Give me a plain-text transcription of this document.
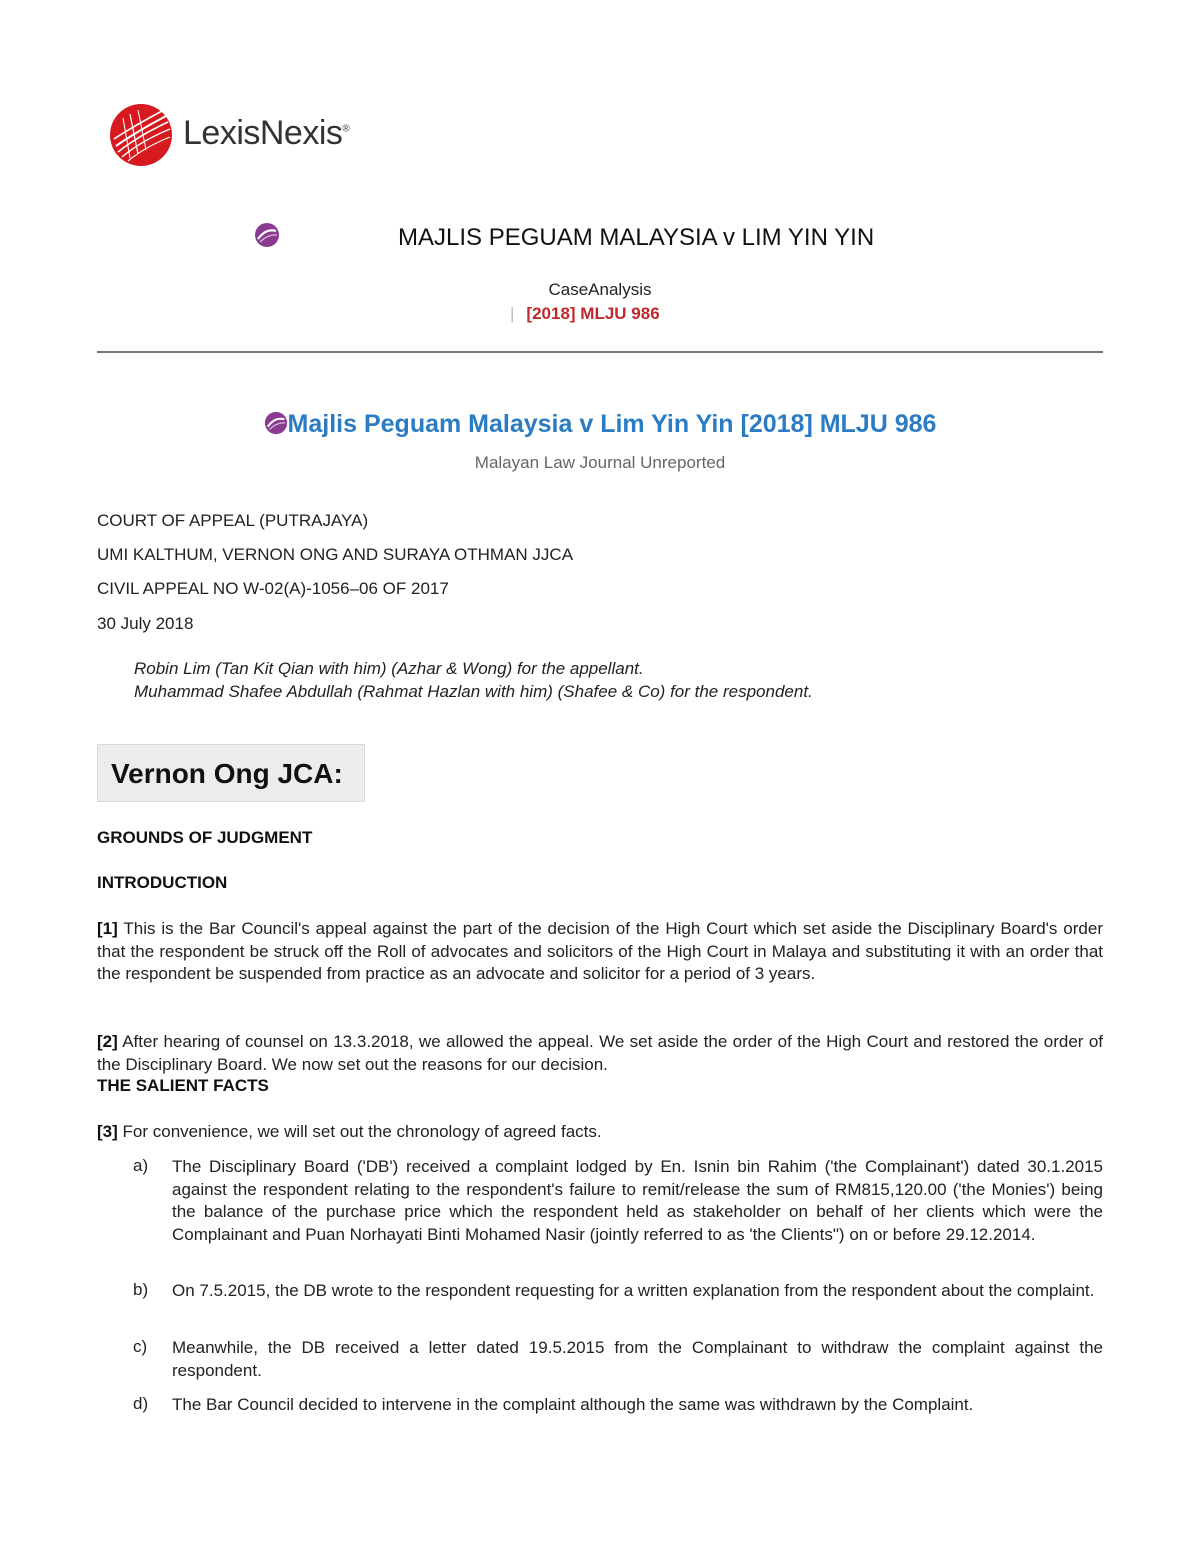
LexisNexis®
MAJLIS PEGUAM MALAYSIA v LIM YIN YIN
CaseAnalysis
| [2018] MLJU 986
Majlis Peguam Malaysia v Lim Yin Yin [2018] MLJU 986
Malayan Law Journal Unreported
COURT OF APPEAL (PUTRAJAYA)
UMI KALTHUM, VERNON ONG AND SURAYA OTHMAN JJCA
CIVIL APPEAL NO W-02(A)-1056–06 OF 2017
30 July 2018
Robin Lim (Tan Kit Qian with him) (Azhar & Wong) for the appellant.
Muhammad Shafee Abdullah (Rahmat Hazlan with him) (Shafee & Co) for the respondent.
Vernon Ong JCA:
GROUNDS OF JUDGMENT
INTRODUCTION
[1] This is the Bar Council's appeal against the part of the decision of the High Court which set aside the Disciplinary Board's order that the respondent be struck off the Roll of advocates and solicitors of the High Court in Malaya and substituting it with an order that the respondent be suspended from practice as an advocate and solicitor for a period of 3 years.
[2] After hearing of counsel on 13.3.2018, we allowed the appeal. We set aside the order of the High Court and restored the order of the Disciplinary Board. We now set out the reasons for our decision.
THE SALIENT FACTS
[3] For convenience, we will set out the chronology of agreed facts.
a) The Disciplinary Board ('DB') received a complaint lodged by En. Isnin bin Rahim ('the Complainant') dated 30.1.2015 against the respondent relating to the respondent's failure to remit/release the sum of RM815,120.00 ('the Monies') being the balance of the purchase price which the respondent held as stakeholder on behalf of her clients which were the Complainant and Puan Norhayati Binti Mohamed Nasir (jointly referred to as 'the Clients") on or before 29.12.2014.
b) On 7.5.2015, the DB wrote to the respondent requesting for a written explanation from the respondent about the complaint.
c) Meanwhile, the DB received a letter dated 19.5.2015 from the Complainant to withdraw the complaint against the respondent.
d) The Bar Council decided to intervene in the complaint although the same was withdrawn by the Complaint.
